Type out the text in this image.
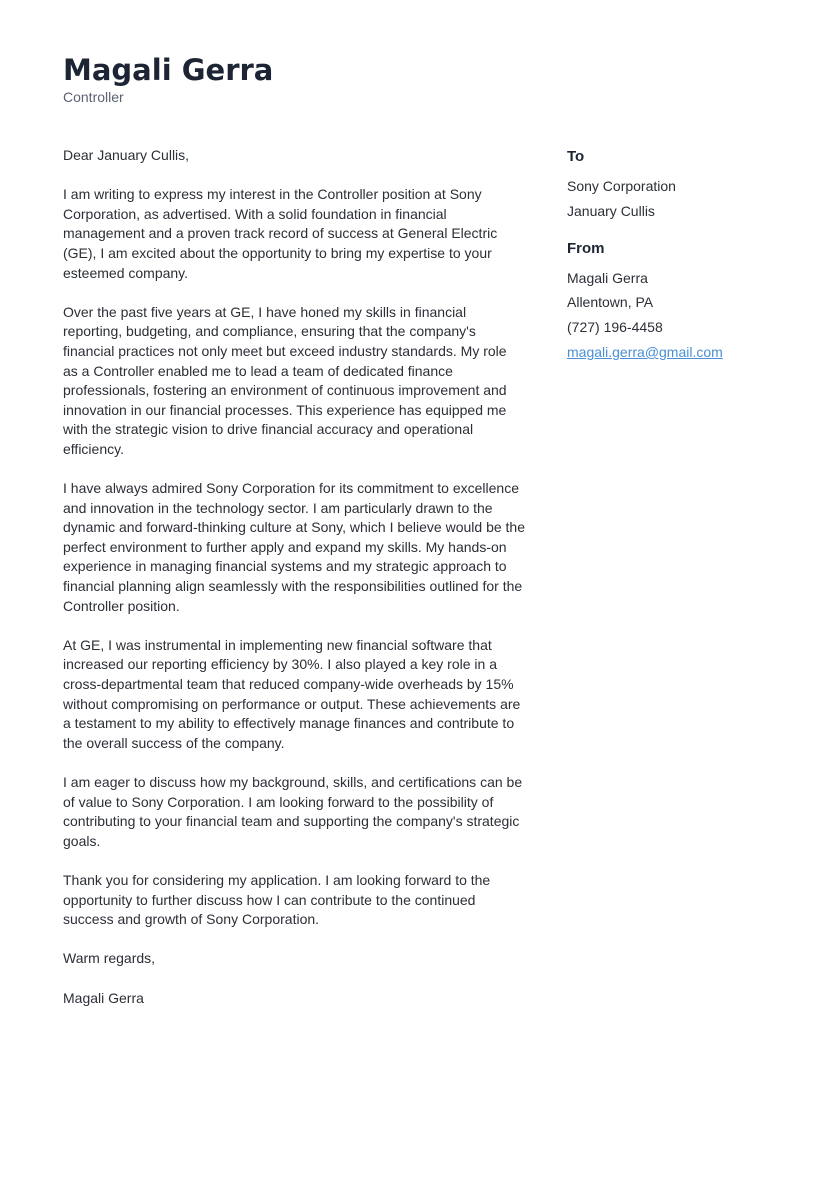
Magali Gerra
Controller

Dear January Cullis,

I am writing to express my interest in the Controller position at Sony Corporation, as advertised. With a solid foundation in financial management and a proven track record of success at General Electric (GE), I am excited about the opportunity to bring my expertise to your esteemed company.

Over the past five years at GE, I have honed my skills in financial reporting, budgeting, and compliance, ensuring that the company's financial practices not only meet but exceed industry standards. My role as a Controller enabled me to lead a team of dedicated finance professionals, fostering an environment of continuous improvement and innovation in our financial processes. This experience has equipped me with the strategic vision to drive financial accuracy and operational efficiency.

I have always admired Sony Corporation for its commitment to excellence and innovation in the technology sector. I am particularly drawn to the dynamic and forward-thinking culture at Sony, which I believe would be the perfect environment to further apply and expand my skills. My hands-on experience in managing financial systems and my strategic approach to financial planning align seamlessly with the responsibilities outlined for the Controller position.

At GE, I was instrumental in implementing new financial software that increased our reporting efficiency by 30%. I also played a key role in a cross-departmental team that reduced company-wide overheads by 15% without compromising on performance or output. These achievements are a testament to my ability to effectively manage finances and contribute to the overall success of the company.

I am eager to discuss how my background, skills, and certifications can be of value to Sony Corporation. I am looking forward to the possibility of contributing to your financial team and supporting the company's strategic goals.

Thank you for considering my application. I am looking forward to the opportunity to further discuss how I can contribute to the continued success and growth of Sony Corporation.

Warm regards,

Magali Gerra

To
Sony Corporation
January Cullis
From
Magali Gerra
Allentown, PA
(727) 196-4458
magali.gerra@gmail.com
